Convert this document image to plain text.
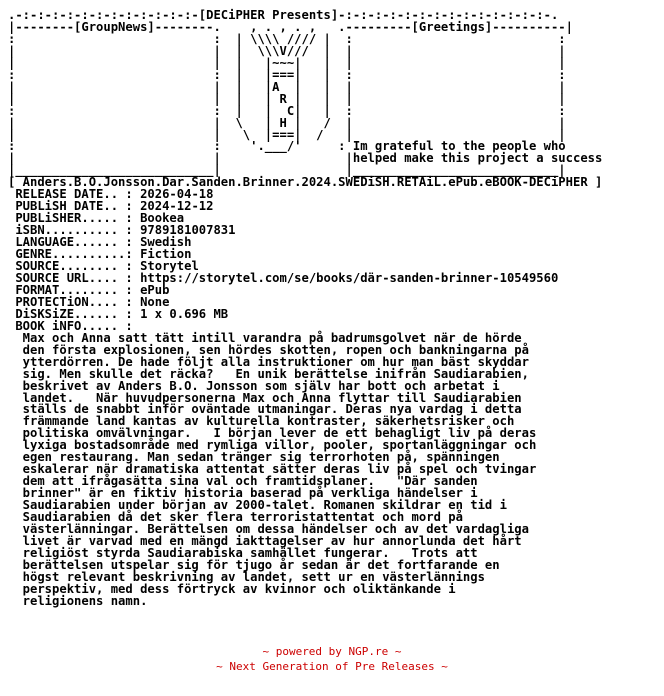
.-:-:-:-:-:-:-:-:-:-:-:-:-[DECiPHER Presents]-:-:-:-:-:-:-:-:-:-:-:-:-:-:-.
|--------[GroupNews]--------.    , . , . ,   .---------[Greetings]----------|
:                           :  | \\\\ //// |  :                            :
|                           |  |  \\\V///  |  |                            |
|                           |  |   |~~~|   |  |                            |
:                           :  |   |===|   |  :                            :
|                           |  |   |A  |   |  |                            |
|                           |  |   | R |   |  |                            |
:                           :  |   |  C|   |  :                            :
|                           |  \   | H |   /  |                            |
|                           |   \  |===|  /   |                            |
:                           :    '.___/'     : Im grateful to the people who
|                           |                 |helped make this project a success
|___________________________|                 |____________________________|
[ Anders.B.O.Jonsson.Dar.Sanden.Brinner.2024.SWEDiSH.RETAiL.ePub.eBOOK-DECiPHER ]
RELEASE DATE.. : 2026-04-18
PUBLiSH DATE.. : 2024-12-12
PUBLiSHER..... : Bookea
iSBN.......... : 9789181007831
LANGUAGE...... : Swedish
GENRE..........: Fiction
SOURCE........ : Storytel
SOURCE URL.... : https://storytel.com/se/books/där-sanden-brinner-10549560
FORMAT........ : ePub
PROTECTiON.... : None
DiSKSiZE...... : 1 x 0.696 MB
BOOK iNFO..... :
Max och Anna satt tätt intill varandra på badrumsgolvet när de hörde
den första explosionen, sen hördes skotten, ropen och bankningarna på
ytterdörren. De hade följt alla instruktioner om hur man bäst skyddar
sig. Men skulle det räcka?   En unik berättelse inifrån Saudiarabien,
beskrivet av Anders B.O. Jonsson som själv har bott och arbetat i
landet.   När huvudpersonerna Max och Anna flyttar till Saudiarabien
ställs de snabbt inför oväntade utmaningar. Deras nya vardag i detta
främmande land kantas av kulturella kontraster, säkerhetsrisker och
politiska omvälvningar.   I början lever de ett behagligt liv på deras
lyxiga bostadsområde med rymliga villor, pooler, sportanläggningar och
egen restaurang. Man sedan tränger sig terrorhoten på, spänningen
eskalerar när dramatiska attentat sätter deras liv på spel och tvingar
dem att ifrågasätta sina val och framtidsplaner.   "Där sanden
brinner" är en fiktiv historia baserad på verkliga händelser i
Saudiarabien under början av 2000-talet. Romanen skildrar en tid i
Saudiarabien då det sker flera terroristattentat och mord på
västerlänningar. Berättelsen om dessa händelser och av det vardagliga
livet är varvad med en mängd iakttagelser av hur annorlunda det hårt
religiöst styrda Saudiarabiska samhället fungerar.   Trots att
berättelsen utspelar sig för tjugo år sedan är det fortfarande en
högst relevant beskrivning av landet, sett ur en västerlännings
perspektiv, med dess förtryck av kvinnor och oliktänkande i
religionens namn.
~ powered by NGP.re ~
~ Next Generation of Pre Releases ~
